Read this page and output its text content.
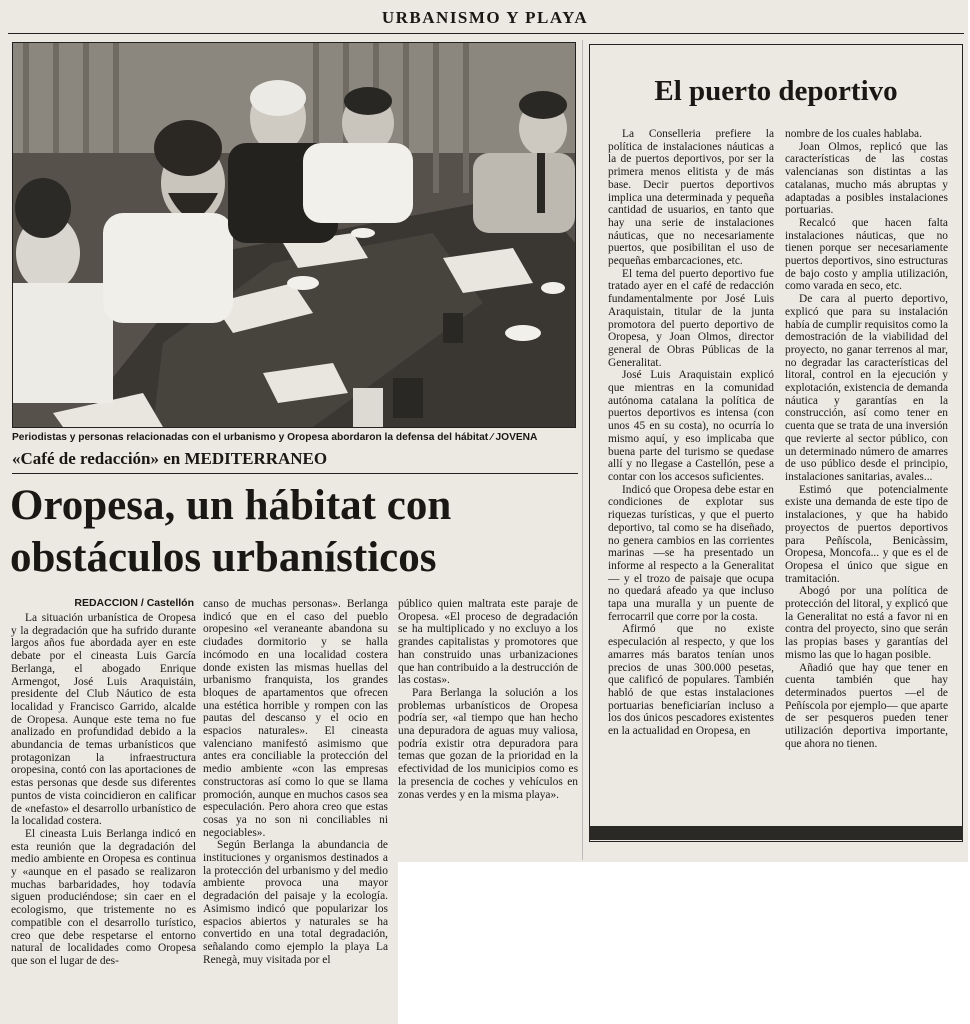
URBANISMO Y PLAYA
Periodistas y personas relacionadas con el urbanismo y Oropesa abordaron la defensa del hábitat ⁄ JOVENA
«Café de redacción» en MEDITERRANEO
Oropesa, un hábitat con obstáculos urbanísticos
REDACCION / Castellón

La situación urbanística de Oropesa y la degradación que ha sufrido durante largos años fue abordada ayer en este debate por el cineasta Luis García Berlanga, el abogado Enrique Armengot, José Luis Araquistáin, presidente del Club Náutico de esta localidad y Francisco Garrido, alcalde de Oropesa. Aunque este tema no fue analizado en profundidad debido a la abundancia de temas urbanísticos que protagonizan la infraestructura oropesina, contó con las aportaciones de estas personas que desde sus diferentes puntos de vista coincidieron en calificar de «nefasto» el desarrollo urbanístico de la localidad costera.

El cineasta Luis Berlanga indicó en esta reunión que la degradación del medio ambiente en Oropesa es continua y «aunque en el pasado se realizaron muchas barbaridades, hoy todavía siguen produciéndose; sin caer en el ecologismo, que tristemente no es compatible con el desarrollo turístico, creo que debe respetarse el entorno natural de localidades como Oropesa que son el lugar de des-

canso de muchas personas». Berlanga indicó que en el caso del pueblo oropesino «el veraneante abandona su ciudades dormitorio y se halla incómodo en una localidad costera donde existen las mismas huellas del urbanismo franquista, los grandes bloques de apartamentos que ofrecen una estética horrible y rompen con las pautas del descanso y el ocio en espacios naturales». El cineasta valenciano manifestó asimismo que antes era conciliable la protección del medio ambiente «con las empresas constructoras así como lo que se llama promoción, aunque en muchos casos sea especulación. Pero ahora creo que estas cosas ya no son ni conciliables ni negociables».

Según Berlanga la abundancia de instituciones y organismos destinados a la protección del urbanismo y del medio ambiente provoca una mayor degradación del paisaje y la ecología. Asimismo indicó que popularizar los espacios abiertos y naturales se ha convertido en una total degradación, señalando como ejemplo la playa La Renegà, muy visitada por el

público quien maltrata este paraje de Oropesa. «El proceso de degradación se ha multiplicado y no excluyo a los grandes capitalistas y promotores que han construido unas urbanizaciones que han contribuido a la destrucción de las costas».

Para Berlanga la solución a los problemas urbanísticos de Oropesa podría ser, «al tiempo que han hecho una depuradora de aguas muy valiosa, podría existir otra depuradora para temas que gozan de la prioridad en la efectividad de los municipios como es la presencia de coches y vehículos en zonas verdes y en la misma playa».

El puerto deportivo

La Conselleria prefiere la política de instalaciones náuticas a la de puertos deportivos, por ser la primera menos elitista y de más base. Decir puertos deportivos implica una determinada y pequeña cantidad de usuarios, en tanto que hay una serie de instalaciones náuticas, que no necesariamente puertos, que posibilitan el uso de pequeñas embarcaciones, etc.

El tema del puerto deportivo fue tratado ayer en el café de redacción fundamentalmente por José Luis Araquistain, titular de la junta promotora del puerto deportivo de Oropesa, y Joan Olmos, director general de Obras Públicas de la Generalitat.

José Luis Araquistain explicó que mientras en la comunidad autónoma catalana la política de puertos deportivos es intensa (con unos 45 en su costa), no ocurría lo mismo aquí, y eso implicaba que buena parte del turismo se quedase allí y no llegase a Castellón, pese a contar con los accesos suficientes.

Indicó que Oropesa debe estar en condiciones de explotar sus riquezas turísticas, y que el puerto deportivo, tal como se ha diseñado, no genera cambios en las corrientes marinas —se ha presentado un informe al respecto a la Generalitat— y el trozo de paisaje que ocupa no quedará afeado ya que incluso tapa una muralla y un puente de ferrocarril que corre por la costa.

Afirmó que no existe especulación al respecto, y que los amarres más baratos tenían unos precios de unas 300.000 pesetas, que calificó de populares. También habló de que estas instalaciones portuarias beneficiarían incluso a los dos únicos pescadores existentes en la actualidad en Oropesa, en

nombre de los cuales hablaba.

Joan Olmos, replicó que las características de las costas valencianas son distintas a las catalanas, mucho más abruptas y adaptadas a posibles instalaciones portuarias.

Recalcó que hacen falta instalaciones náuticas, que no tienen porque ser necesariamente puertos deportivos, sino estructuras de bajo costo y amplia utilización, como varada en seco, etc.

De cara al puerto deportivo, explicó que para su instalación había de cumplir requisitos como la demostración de la viabilidad del proyecto, no ganar terrenos al mar, no degradar las características del litoral, control en la ejecución y explotación, existencia de demanda náutica y garantías en la construcción, así como tener en cuenta que se trata de una inversión que revierte al sector público, con un determinado número de amarres de uso público desde el principio, instalaciones sanitarias, avales...

Estimó que potencialmente existe una demanda de este tipo de instalaciones, y que ha habido proyectos de puertos deportivos para Peñíscola, Benicàssim, Oropesa, Moncofa... y que es el de Oropesa el único que sigue en tramitación.

Abogó por una política de protección del litoral, y explicó que la Generalitat no está a favor ni en contra del proyecto, sino que serán las propias bases y garantías del mismo las que lo hagan posible.

Añadió que hay que tener en cuenta también que hay determinados puertos —el de Peñíscola por ejemplo— que aparte de ser pesqueros pueden tener utilización deportiva importante, que ahora no tienen.
